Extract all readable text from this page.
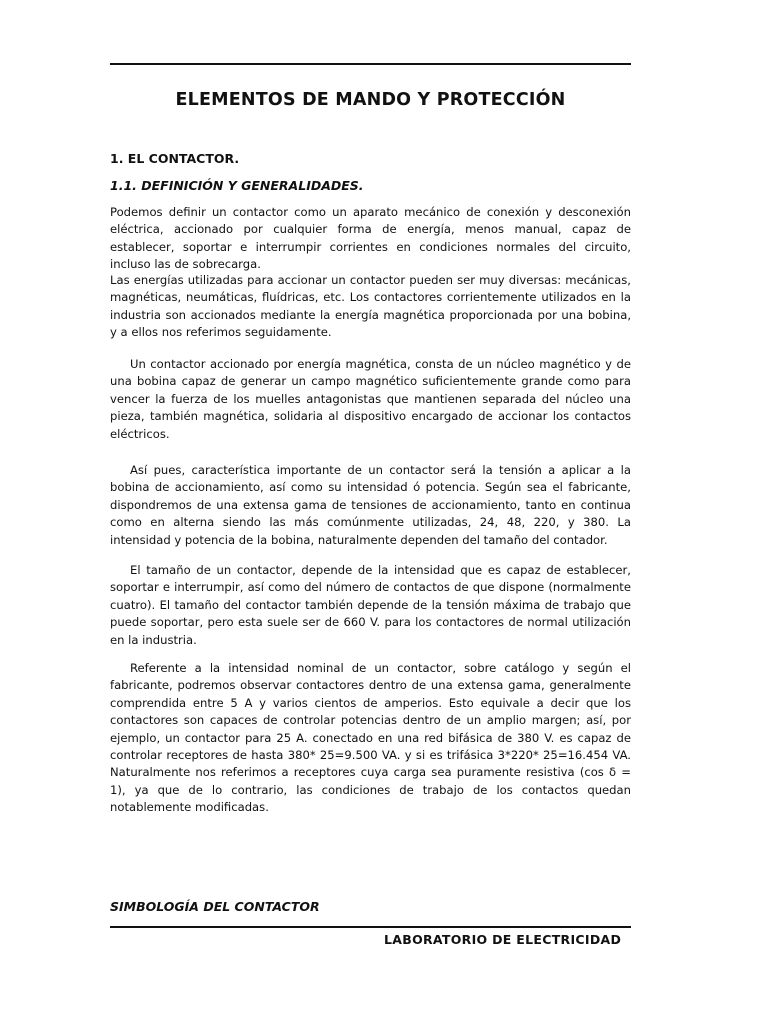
ELEMENTOS DE MANDO Y PROTECCIÓN

1. EL CONTACTOR.

1.1. DEFINICIÓN Y GENERALIDADES.

Podemos definir un contactor como un aparato mecánico de conexión y desconexión eléctrica, accionado por cualquier forma de energía, menos manual, capaz de establecer, soportar e interrumpir corrientes en condiciones normales del circuito, incluso las de sobrecarga.

Las energías utilizadas para accionar un contactor pueden ser muy diversas: mecánicas, magnéticas, neumáticas, fluídricas, etc. Los contactores corrientemente utilizados en la industria son accionados mediante la energía magnética proporcionada por una bobina, y a ellos nos referimos seguidamente.

Un contactor accionado por energía magnética, consta de un núcleo magnético y de una bobina capaz de generar un campo magnético suficientemente grande como para vencer la fuerza de los muelles antagonistas que mantienen separada del núcleo una pieza, también magnética, solidaria al dispositivo encargado de accionar los contactos eléctricos.

Así pues, característica importante de un contactor será la tensión a aplicar a la bobina de accionamiento, así como su intensidad ó potencia. Según sea el fabricante, dispondremos de una extensa gama de tensiones de accionamiento, tanto en continua como en alterna siendo las más comúnmente utilizadas, 24, 48, 220, y 380. La intensidad y potencia de la bobina, naturalmente dependen del tamaño del contador.

El tamaño de un contactor, depende de la intensidad que es capaz de establecer, soportar e interrumpir, así como del número de contactos de que dispone (normalmente cuatro). El tamaño del contactor también depende de la tensión máxima de trabajo que puede soportar, pero esta suele ser de 660 V. para los contactores de normal utilización en la industria.

Referente a la intensidad nominal de un contactor, sobre catálogo y según el fabricante, podremos observar contactores dentro de una extensa gama, generalmente comprendida entre 5 A y varios cientos de amperios. Esto equivale a decir que los contactores son capaces de controlar potencias dentro de un amplio margen; así, por ejemplo, un contactor para 25 A. conectado en una red bifásica de 380 V. es capaz de controlar receptores de hasta 380* 25=9.500 VA. y si es trifásica 3*220* 25=16.454 VA. Naturalmente nos referimos a receptores cuya carga sea puramente resistiva (cos δ = 1), ya que de lo contrario, las condiciones de trabajo de los contactos quedan notablemente modificadas.

SIMBOLOGÍA DEL CONTACTOR

LABORATORIO DE ELECTRICIDAD
